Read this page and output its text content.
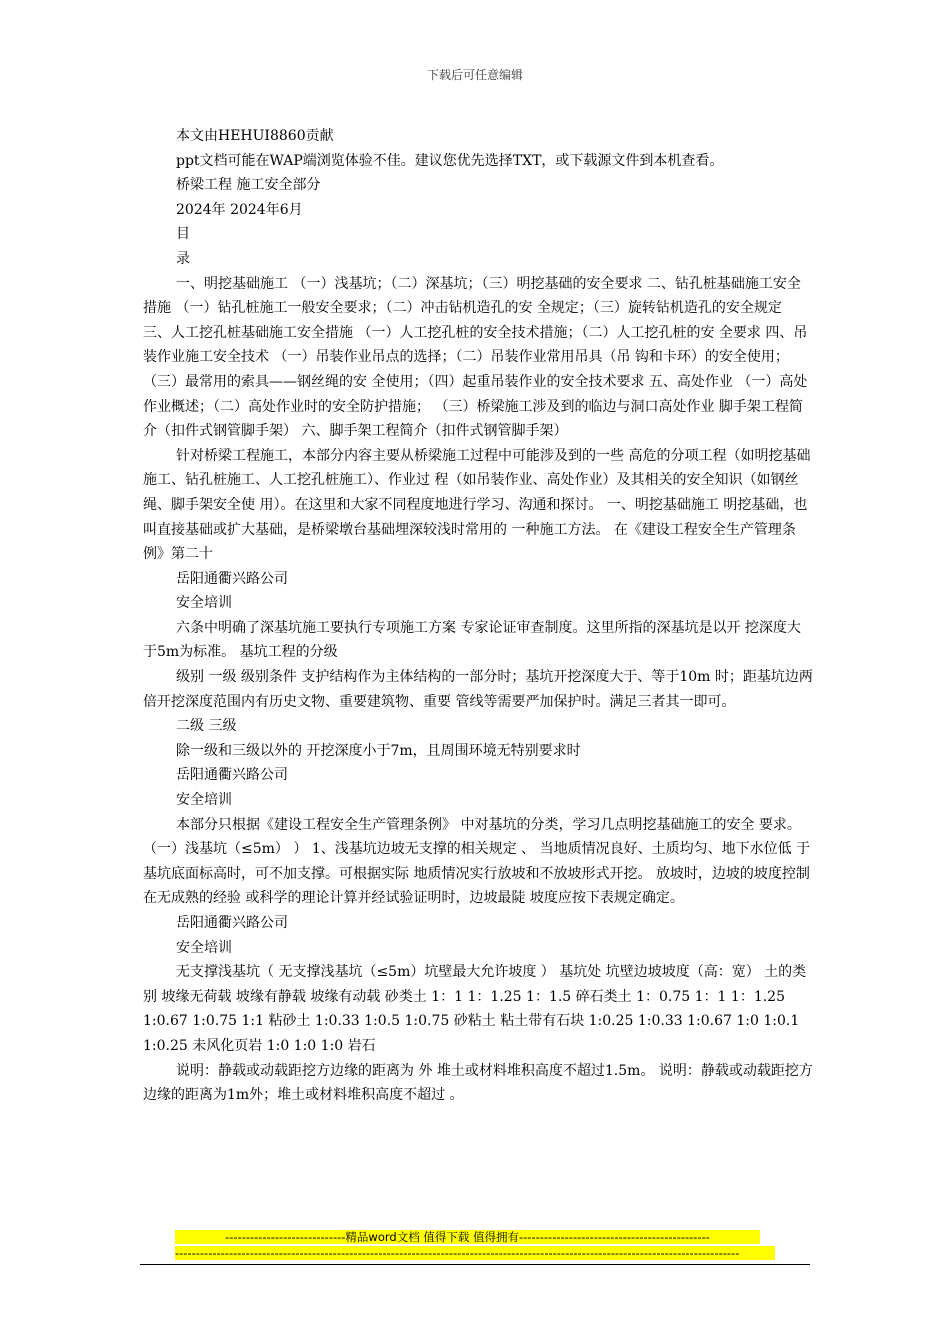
下载后可任意编辑

本文由HEHUI8860贡献

ppt文档可能在WAP端浏览体验不佳。建议您优先选择TXT，或下载源文件到本机查看。

桥梁工程 施工安全部分

2024年 2024年6月

目

录

一、明挖基础施工 （一）浅基坑；（二）深基坑；（三）明挖基础的安全要求 二、钻孔桩基础施工安全措施 （一）钻孔桩施工一般安全要求；（二）冲击钻机造孔的安 全规定；（三）旋转钻机造孔的安全规定 三、人工挖孔桩基础施工安全措施 （一）人工挖孔桩的安全技术措施；（二）人工挖孔桩的安 全要求 四、吊装作业施工安全技术 （一）吊装作业吊点的选择；（二）吊装作业常用吊具（吊 钩和卡环）的安全使用；（三）最常用的索具——钢丝绳的安 全使用；（四）起重吊装作业的安全技术要求 五、高处作业 （一）高处作业概述；（二）高处作业时的安全防护措施； （三）桥梁施工涉及到的临边与洞口高处作业 脚手架工程简介（扣件式钢管脚手架） 六、脚手架工程简介（扣件式钢管脚手架）

针对桥梁工程施工，本部分内容主要从桥梁施工过程中可能涉及到的一些 高危的分项工程（如明挖基础施工、钻孔桩施工、人工挖孔桩施工）、作业过 程（如吊装作业、高处作业）及其相关的安全知识（如钢丝绳、脚手架安全使 用）。在这里和大家不同程度地进行学习、沟通和探讨。 一、明挖基础施工 明挖基础，也叫直接基础或扩大基础，是桥梁墩台基础埋深较浅时常用的 一种施工方法。 在《建设工程安全生产管理条例》第二十

岳阳通衢兴路公司

安全培训

六条中明确了深基坑施工要执行专项施工方案 专家论证审查制度。这里所指的深基坑是以开 挖深度大于5m为标准。 基坑工程的分级

级别 一级 级别条件 支护结构作为主体结构的一部分时；基坑开挖深度大于、等于10m 时；距基坑边两倍开挖深度范围内有历史文物、重要建筑物、重要 管线等需要严加保护时。满足三者其一即可。

二级 三级

除一级和三级以外的 开挖深度小于7m，且周围环境无特别要求时

岳阳通衢兴路公司

安全培训

本部分只根据《建设工程安全生产管理条例》 中对基坑的分类，学习几点明挖基础施工的安全 要求。 （一）浅基坑（≤5m） ） 1、浅基坑边坡无支撑的相关规定 、 当地质情况良好、土质均匀、地下水位低 于基坑底面标高时，可不加支撑。可根据实际 地质情况实行放坡和不放坡形式开挖。 放坡时，边坡的坡度控制在无成熟的经验 或科学的理论计算并经试验证明时，边坡最陡 坡度应按下表规定确定。

岳阳通衢兴路公司

安全培训

无支撑浅基坑（ 无支撑浅基坑（≤5m）坑壁最大允许坡度 ） 基坑处 坑壁边坡坡度（高：宽） 土的类别 坡缘无荷载 坡缘有静载 坡缘有动载 砂类土 1：1 1：1.25 1：1.5 碎石类土 1：0.75 1：1 1：1.25 1:0.67 1:0.75 1:1 粘砂土 1:0.33 1:0.5 1:0.75 砂粘土 粘土带有石块 1:0.25 1:0.33 1:0.67 1:0 1:0.1 1:0.25 未风化页岩 1:0 1:0 1:0 岩石

说明：静载或动载距挖方边缘的距离为 外 堆土或材料堆积高度不超过1.5m。 说明：静载或动载距挖方边缘的距离为1m外；堆土或材料堆积高度不超过 。

-----------------------------精品word文档 值得下载 值得拥有----------------------------------------------
----------------------------------------------------------------------------------------------------------------------------------------
